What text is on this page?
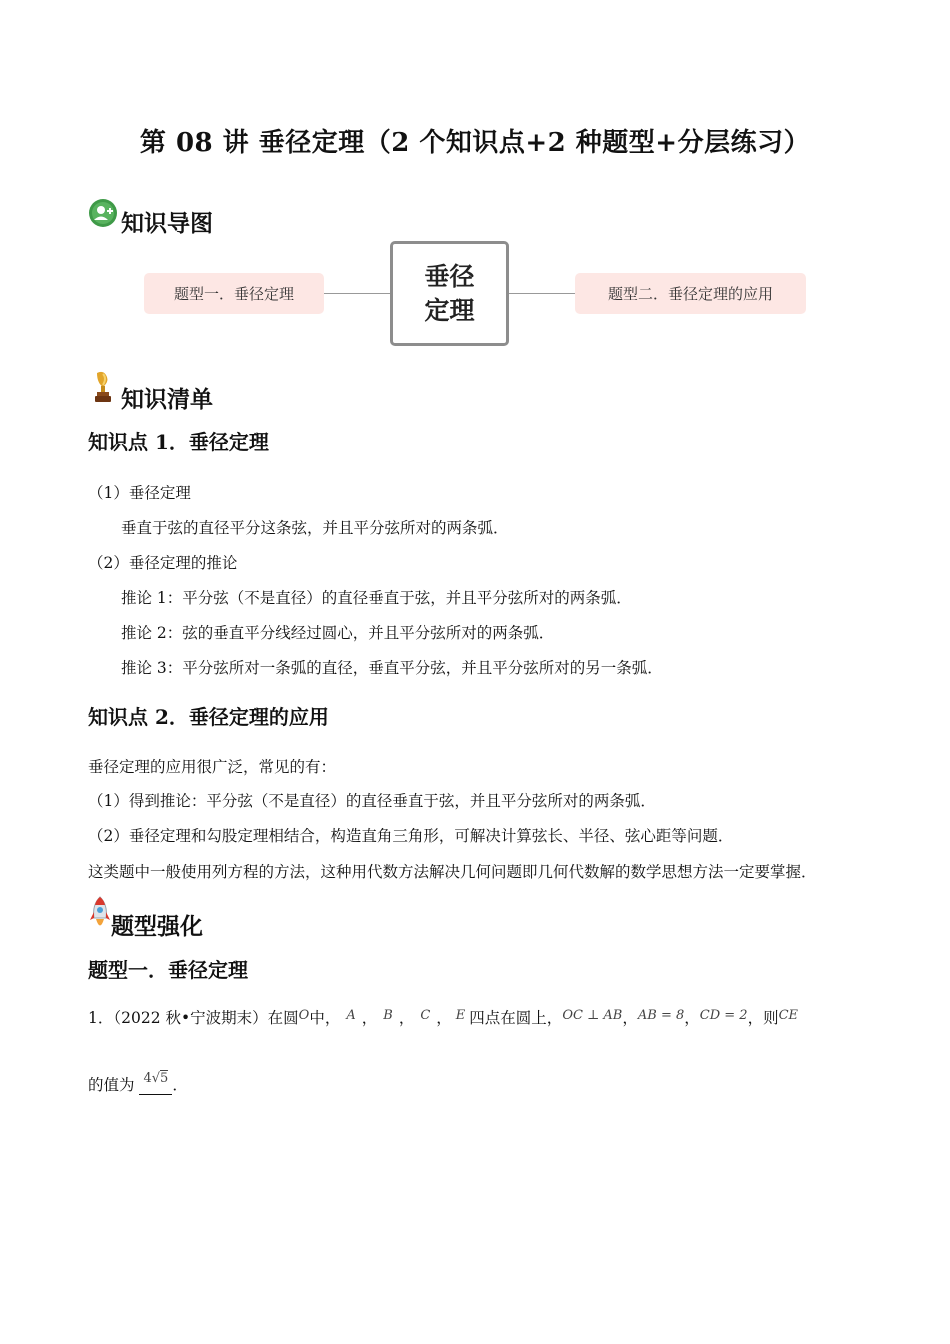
第 08 讲 垂径定理（2 个知识点+2 种题型+分层练习）
知识导图
题型一．垂径定理
垂径
定理
题型二．垂径定理的应用
知识清单
知识点 1．垂径定理
（1）垂径定理
垂直于弦的直径平分这条弦，并且平分弦所对的两条弧．
（2）垂径定理的推论
推论 1：平分弦（不是直径）的直径垂直于弦，并且平分弦所对的两条弧．
推论 2：弦的垂直平分线经过圆心，并且平分弦所对的两条弧．
推论 3：平分弦所对一条弧的直径，垂直平分弦，并且平分弦所对的另一条弧．
知识点 2．垂径定理的应用
垂径定理的应用很广泛，常见的有：
（1）得到推论：平分弦（不是直径）的直径垂直于弦，并且平分弦所对的两条弧．
（2）垂径定理和勾股定理相结合，构造直角三角形，可解决计算弦长、半径、弦心距等问题．
这类题中一般使用列方程的方法，这种用代数方法解决几何问题即几何代数解的数学思想方法一定要掌握．
题型强化
题型一．垂径定理
1．（2022 秋•宁波期末）在圆$^O$中， $^A$ ， $^B$ ， $^C$ ， $^E$ 四点在圆上，$^{OC \perp AB}$，$^{AB = 8}$，$^{CD = 2}$，则$^{CE}$
的值为 $^{4√5}$ ．
